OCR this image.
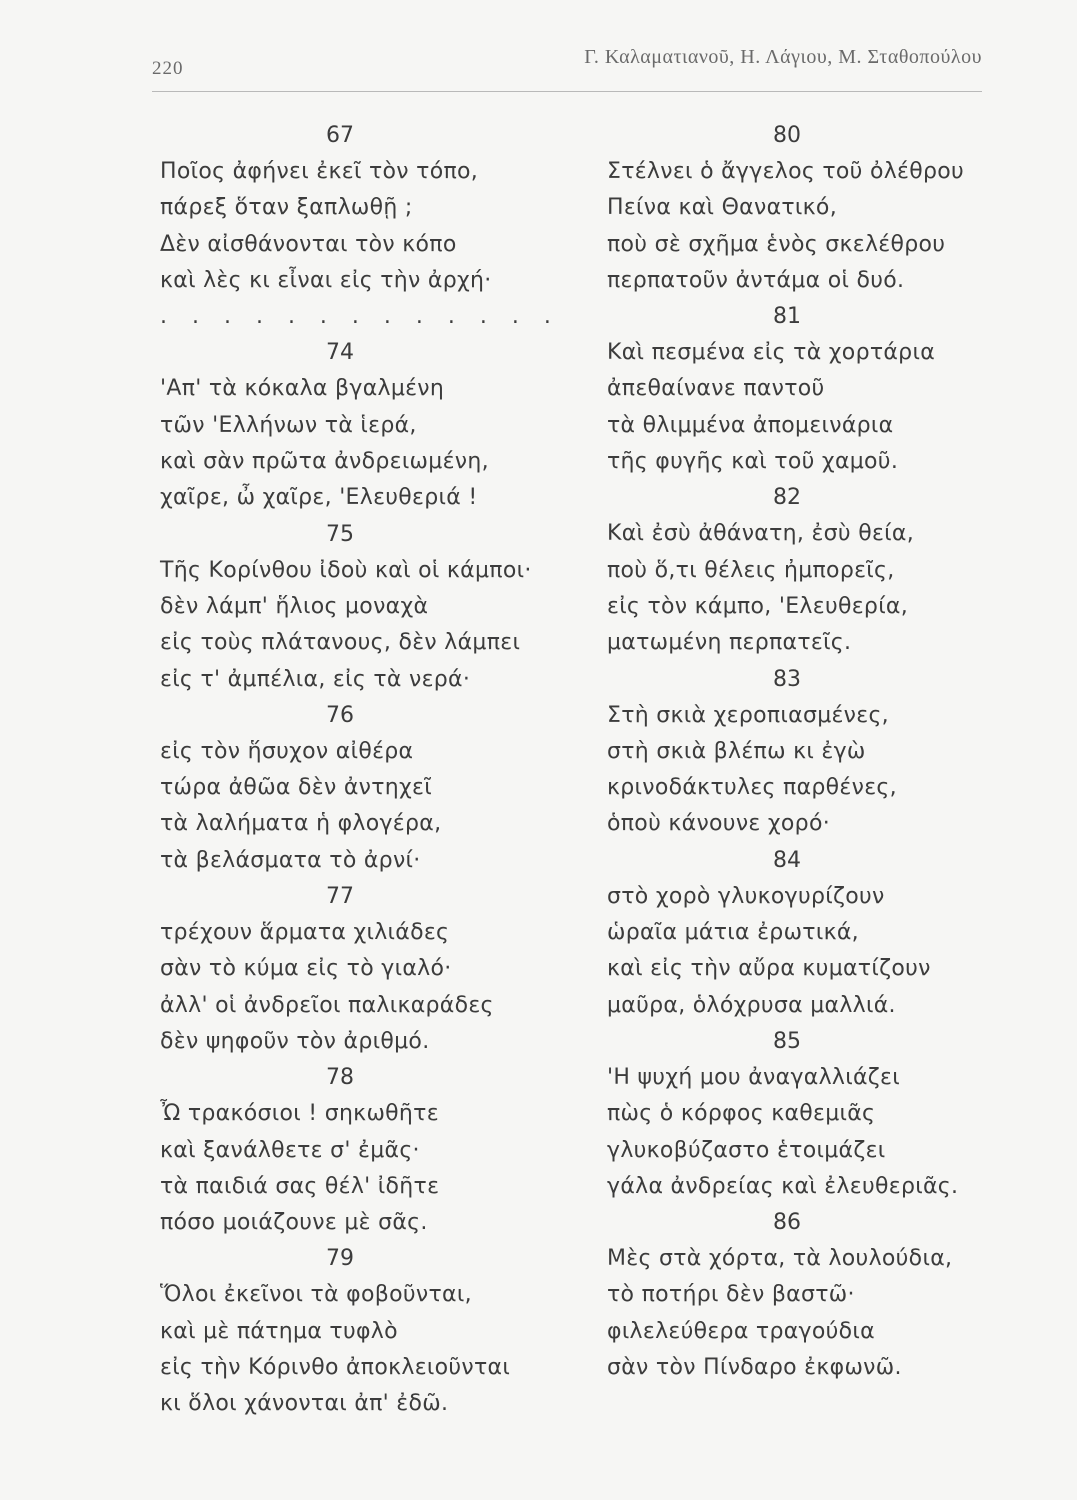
220
Γ. Καλαματιανοῦ, Η. Λάγιου, Μ. Σταθοπούλου
67
Ποῖος ἀφήνει ἐκεῖ τὸν τόπο,
πάρεξ ὅταν ξαπλωθῇ ;
Δὲν αἰσθάνονται τὸν κόπο
καὶ λὲς κι εἶναι εἰς τὴν ἀρχή·
. . . . . . . . . . . . .
74
'Απ' τὰ κόκαλα βγαλμένη
τῶν 'Ελλήνων τὰ ἱερά,
καὶ σὰν πρῶτα ἀνδρειωμένη,
χαῖρε, ὦ χαῖρε, 'Ελευθεριά !
75
Τῆς Κορίνθου ἰδοὺ καὶ οἱ κάμποι·
δὲν λάμπ' ἥλιος μοναχὰ
εἰς τοὺς πλάτανους, δὲν λάμπει
εἰς τ' ἀμπέλια, εἰς τὰ νερά·
76
εἰς τὸν ἥσυχον αἰθέρα
τώρα ἀθῶα δὲν ἀντηχεῖ
τὰ λαλήματα ἡ φλογέρα,
τὰ βελάσματα τὸ ἀρνί·
77
τρέχουν ἅρματα χιλιάδες
σὰν τὸ κύμα εἰς τὸ γιαλό·
ἀλλ' οἱ ἀνδρεῖοι παλικαράδες
δὲν ψηφοῦν τὸν ἀριθμό.
78
Ὦ τρακόσιοι ! σηκωθῆτε
καὶ ξανάλθετε σ' ἐμᾶς·
τὰ παιδιά σας θέλ' ἰδῆτε
πόσο μοιάζουνε μὲ σᾶς.
79
Ὅλοι ἐκεῖνοι τὰ φοβοῦνται,
καὶ μὲ πάτημα τυφλὸ
εἰς τὴν Κόρινθο ἀποκλειοῦνται
κι ὅλοι χάνονται ἀπ' ἐδῶ.
80
Στέλνει ὁ ἄγγελος τοῦ ὀλέθρου
Πείνα καὶ Θανατικό,
ποὺ σὲ σχῆμα ἑνὸς σκελέθρου
περπατοῦν ἀντάμα οἱ δυό.
81
Καὶ πεσμένα εἰς τὰ χορτάρια
ἀπεθαίνανε παντοῦ
τὰ θλιμμένα ἀπομεινάρια
τῆς φυγῆς καὶ τοῦ χαμοῦ.
82
Καὶ ἐσὺ ἀθάνατη, ἐσὺ θεία,
ποὺ ὅ,τι θέλεις ἠμπορεῖς,
εἰς τὸν κάμπο, 'Ελευθερία,
ματωμένη περπατεῖς.
83
Στὴ σκιὰ χεροπιασμένες,
στὴ σκιὰ βλέπω κι ἐγὼ
κρινοδάκτυλες παρθένες,
ὁποὺ κάνουνε χορό·
84
στὸ χορὸ γλυκογυρίζουν
ὡραῖα μάτια ἐρωτικά,
καὶ εἰς τὴν αὔρα κυματίζουν
μαῦρα, ὁλόχρυσα μαλλιά.
85
'Η ψυχή μου ἀναγαλλιάζει
πὼς ὁ κόρφος καθεμιᾶς
γλυκοβύζαστο ἑτοιμάζει
γάλα ἀνδρείας καὶ ἐλευθεριᾶς.
86
Μὲς στὰ χόρτα, τὰ λουλούδια,
τὸ ποτήρι δὲν βαστῶ·
φιλελεύθερα τραγούδια
σὰν τὸν Πίνδαρο ἐκφωνῶ.
